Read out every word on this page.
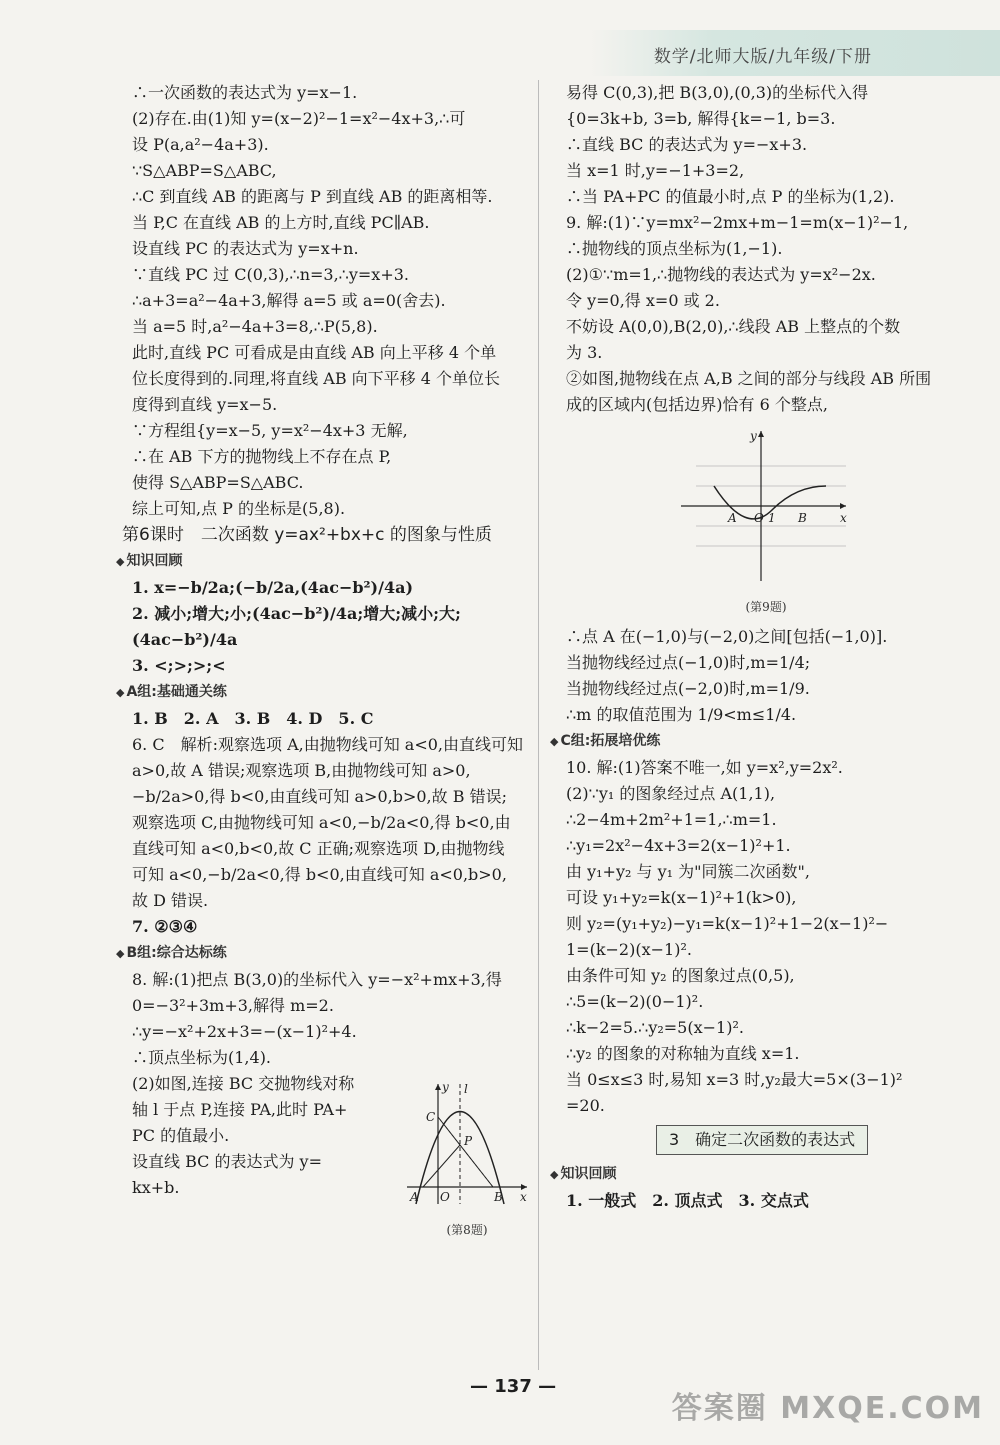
数学/北师大版/九年级/下册
∴一次函数的表达式为 y=x−1.
(2)存在.由(1)知 y=(x−2)²−1=x²−4x+3,∴可
设 P(a,a²−4a+3).
∵S△ABP=S△ABC,
∴C 到直线 AB 的距离与 P 到直线 AB 的距离相等.
当 P,C 在直线 AB 的上方时,直线 PC∥AB.
设直线 PC 的表达式为 y=x+n.
∵直线 PC 过 C(0,3),∴n=3,∴y=x+3.
∴a+3=a²−4a+3,解得 a=5 或 a=0(舍去).
当 a=5 时,a²−4a+3=8,∴P(5,8).
此时,直线 PC 可看成是由直线 AB 向上平移 4 个单
位长度得到的.同理,将直线 AB 向下平移 4 个单位长
度得到直线 y=x−5.
∵方程组{y=x−5, y=x²−4x+3 无解,
∴在 AB 下方的抛物线上不存在点 P,
使得 S△ABP=S△ABC.
综上可知,点 P 的坐标是(5,8).
第6课时　二次函数 y=ax²+bx+c 的图象与性质
◆ 知识回顾
1. x=−b/2a;(−b/2a,(4ac−b²)/4a)
2. 减小;增大;小;(4ac−b²)/4a;增大;减小;大;(4ac−b²)/4a
3. <;>;>;<
◆ A组:基础通关练
1. B　2. A　3. B　4. D　5. C
6. C　解析:观察选项 A,由抛物线可知 a<0,由直线可知
a>0,故 A 错误;观察选项 B,由抛物线可知 a>0,
−b/2a>0,得 b<0,由直线可知 a>0,b>0,故 B 错误;
观察选项 C,由抛物线可知 a<0,−b/2a<0,得 b<0,由
直线可知 a<0,b<0,故 C 正确;观察选项 D,由抛物线
可知 a<0,−b/2a<0,得 b<0,由直线可知 a<0,b>0,
故 D 错误.
7. ②③④
◆ B组:综合达标练
8. 解:(1)把点 B(3,0)的坐标代入 y=−x²+mx+3,得
0=−3²+3m+3,解得 m=2.
∴y=−x²+2x+3=−(x−1)²+4.
∴顶点坐标为(1,4).
(2)如图,连接 BC 交抛物线对称
轴 l 于点 P,连接 PA,此时 PA+
PC 的值最小.
设直线 BC 的表达式为 y=
kx+b.
y l
C
P
A O	B x
(第8题)
易得 C(0,3),把 B(3,0),(0,3)的坐标代入得
{0=3k+b, 3=b, 解得{k=−1, b=3.
∴直线 BC 的表达式为 y=−x+3.
当 x=1 时,y=−1+3=2,
∴当 PA+PC 的值最小时,点 P 的坐标为(1,2).
9. 解:(1)∵y=mx²−2mx+m−1=m(x−1)²−1,
∴抛物线的顶点坐标为(1,−1).
(2)①∵m=1,∴抛物线的表达式为 y=x²−2x.
令 y=0,得 x=0 或 2.
不妨设 A(0,0),B(2,0),∴线段 AB 上整点的个数
为 3.
②如图,抛物线在点 A,B 之间的部分与线段 AB 所围
成的区域内(包括边界)恰有 6 个整点,
y
A O 1 B	x
(第9题)
∴点 A 在(−1,0)与(−2,0)之间[包括(−1,0)].
当抛物线经过点(−1,0)时,m=1/4;
当抛物线经过点(−2,0)时,m=1/9.
∴m 的取值范围为 1/9<m≤1/4.
◆ C组:拓展培优练
10. 解:(1)答案不唯一,如 y=x²,y=2x².
(2)∵y₁ 的图象经过点 A(1,1),
∴2−4m+2m²+1=1,∴m=1.
∴y₁=2x²−4x+3=2(x−1)²+1.
由 y₁+y₂ 与 y₁ 为"同簇二次函数",
可设 y₁+y₂=k(x−1)²+1(k>0),
则 y₂=(y₁+y₂)−y₁=k(x−1)²+1−2(x−1)²−
1=(k−2)(x−1)².
由条件可知 y₂ 的图象过点(0,5),
∴5=(k−2)(0−1)².
∴k−2=5.∴y₂=5(x−1)².
∴y₂ 的图象的对称轴为直线 x=1.
当 0≤x≤3 时,易知 x=3 时,y₂最大=5×(3−1)²
=20.
3　确定二次函数的表达式
◆ 知识回顾
1. 一般式　2. 顶点式　3. 交点式
— 137 —
答案圈 MXQE.COM
